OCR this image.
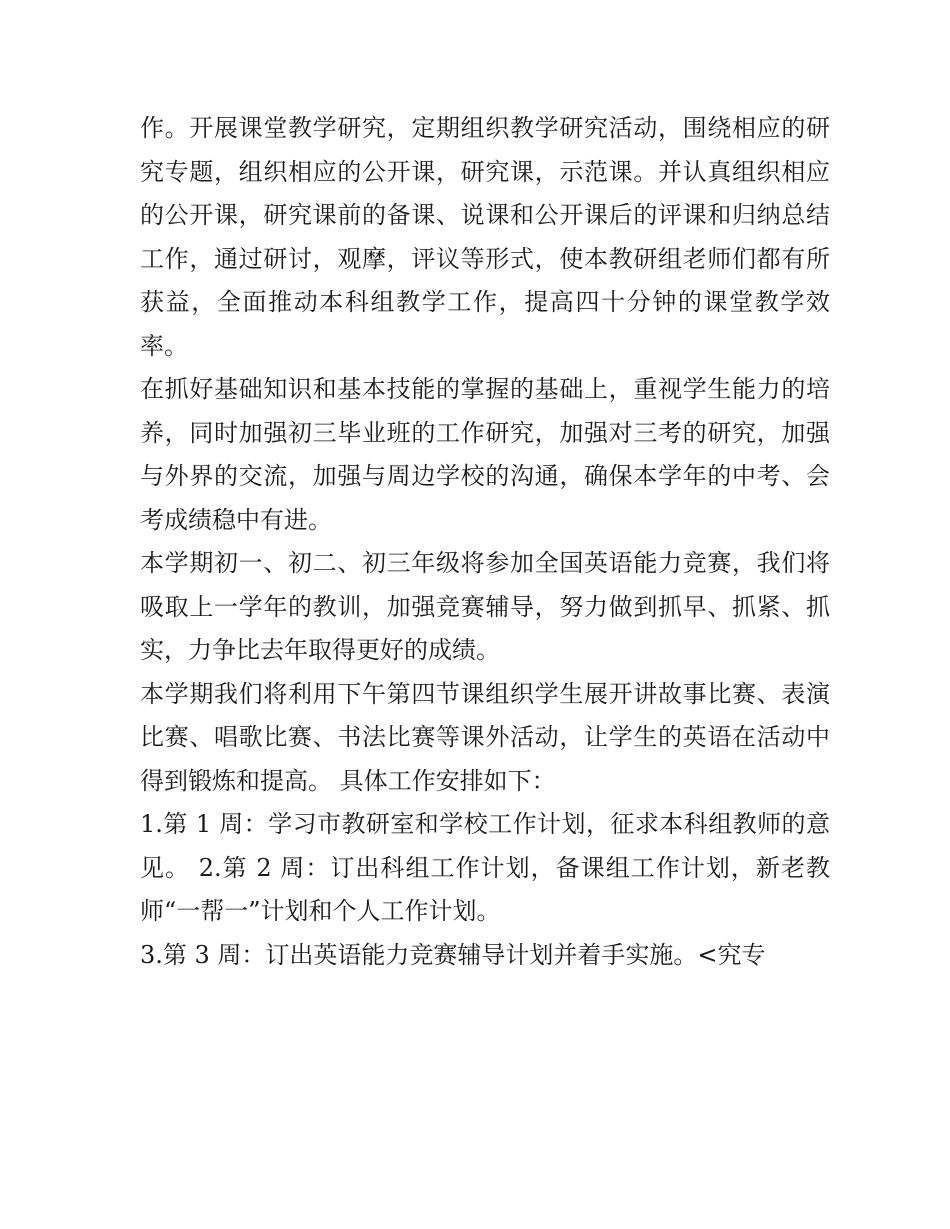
作。开展课堂教学研究，定期组织教学研究活动，围绕相应的研究专题，组织相应的公开课，研究课，示范课。并认真组织相应的公开课，研究课前的备课、说课和公开课后的评课和归纳总结工作，通过研讨，观摩，评议等形式，使本教研组老师们都有所获益，全面推动本科组教学工作，提高四十分钟的课堂教学效率。

在抓好基础知识和基本技能的掌握的基础上，重视学生能力的培养，同时加强初三毕业班的工作研究，加强对三考的研究，加强与外界的交流，加强与周边学校的沟通，确保本学年的中考、会考成绩稳中有进。

本学期初一、初二、初三年级将参加全国英语能力竞赛，我们将吸取上一学年的教训，加强竞赛辅导，努力做到抓早、抓紧、抓实，力争比去年取得更好的成绩。

本学期我们将利用下午第四节课组织学生展开讲故事比赛、表演比赛、唱歌比赛、书法比赛等课外活动，让学生的英语在活动中得到锻炼和提高。 具体工作安排如下：

1.第 1 周：学习市教研室和学校工作计划，征求本科组教师的意见。 2.第 2 周：订出科组工作计划，备课组工作计划，新老教师“一帮一”计划和个人工作计划。

3.第 3 周：订出英语能力竞赛辅导计划并着手实施。<究专
